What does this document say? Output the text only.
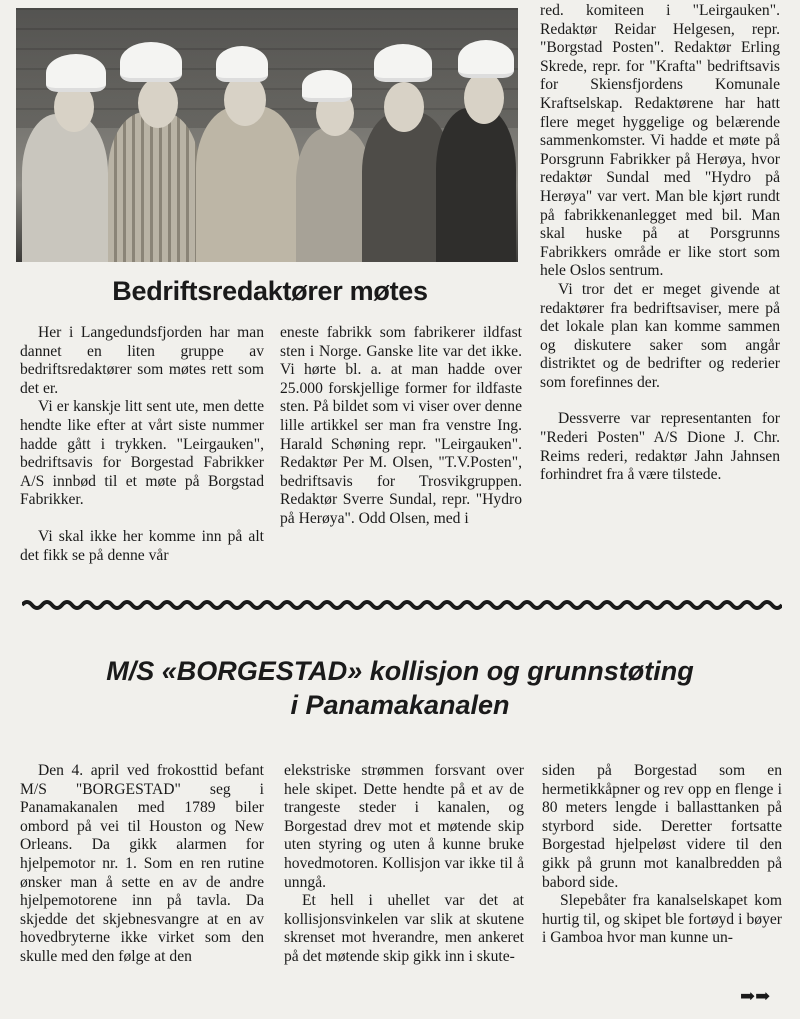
Bedriftsredaktører møtes

Her i Langedundsfjorden har man dannet en liten gruppe av bedriftsredaktører som møtes rett som det er.

Vi er kanskje litt sent ute, men dette hendte like efter at vårt siste nummer hadde gått i trykken. "Leirgauken", bedriftsavis for Borgestad Fabrikker A/S innbød til et møte på Borgstad Fabrikker.

Vi skal ikke her komme inn på alt det fikk se på denne vår

eneste fabrikk som fabrikerer ildfast sten i Norge. Ganske lite var det ikke. Vi hørte bl. a. at man hadde over 25.000 forskjellige former for ildfaste sten. På bildet som vi viser over denne lille artikkel ser man fra venstre Ing. Harald Schøning repr. "Leirgauken". Redaktør Per M. Olsen, "T.V.Posten", bedriftsavis for Trosvikgruppen. Redaktør Sverre Sundal, repr. "Hydro på Herøya". Odd Olsen, med i

red. komiteen i "Leirgauken". Redaktør Reidar Helgesen, repr. "Borgstad Posten". Redaktør Erling Skrede, repr. for "Krafta" bedriftsavis for Skiensfjordens Komunale Kraftselskap. Redaktørene har hatt flere meget hyggelige og belærende sammenkomster. Vi hadde et møte på Porsgrunn Fabrikker på Herøya, hvor redaktør Sundal med "Hydro på Herøya" var vert. Man ble kjørt rundt på fabrikkenanlegget med bil. Man skal huske på at Porsgrunns Fabrikkers område er like stort som hele Oslos sentrum.

Vi tror det er meget givende at redaktører fra bedriftsaviser, mere på det lokale plan kan komme sammen og diskutere saker som angår distriktet og de bedrifter og rederier som forefinnes der.

Dessverre var representanten for "Rederi Posten" A/S Dione J. Chr. Reims rederi, redaktør Jahn Jahnsen forhindret fra å være tilstede.

M/S «BORGESTAD» kollisjon og grunnstøting
i Panamakanalen

Den 4. april ved frokosttid befant M/S "BORGESTAD" seg i Panamakanalen med 1789 biler ombord på vei til Houston og New Orleans. Da gikk alarmen for hjelpemotor nr. 1. Som en ren rutine ønsker man å sette en av de andre hjelpemotorene inn på tavla. Da skjedde det skjebnesvangre at en av hovedbryterne ikke virket som den skulle med den følge at den

elekstriske strømmen forsvant over hele skipet. Dette hendte på et av de trangeste steder i kanalen, og Borgestad drev mot et møtende skip uten styring og uten å kunne bruke hovedmotoren. Kollisjon var ikke til å unngå.

Et hell i uhellet var det at kollisjonsvinkelen var slik at skutene skrenset mot hverandre, men ankeret på det møtende skip gikk inn i skute-

siden på Borgestad som en hermetikkåpner og rev opp en flenge i 80 meters lengde i ballasttanken på styrbord side. Deretter fortsatte Borgestad hjelpeløst videre til den gikk på grunn mot kanalbredden på babord side.

Slepebåter fra kanalselskapet kom hurtig til, og skipet ble fortøyd i bøyer i Gamboa hvor man kunne un-

➡➡
